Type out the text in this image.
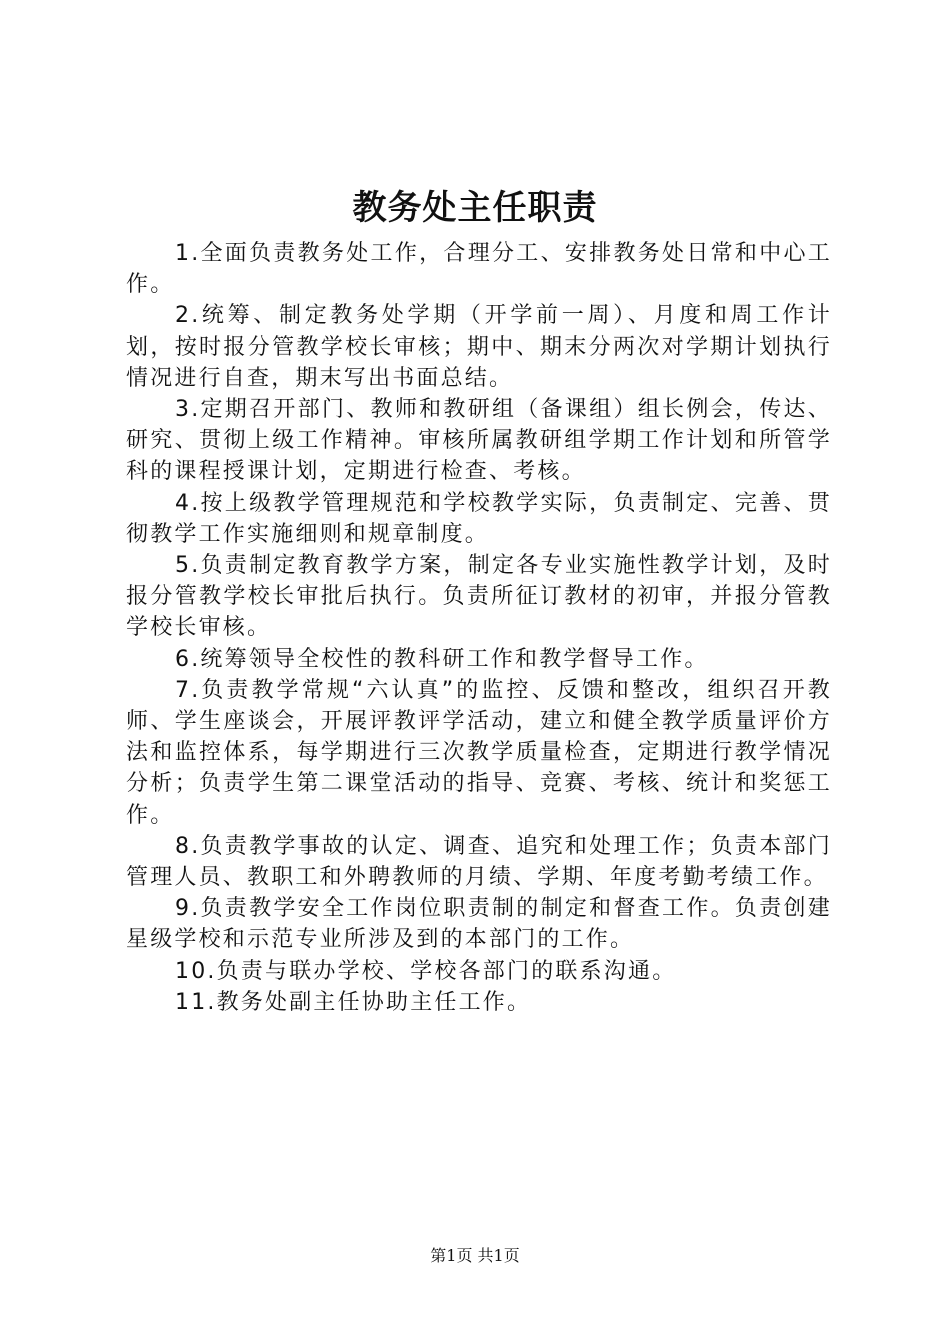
教务处主任职责

1.全面负责教务处工作，合理分工、安排教务处日常和中心工作。

2.统筹、制定教务处学期（开学前一周）、月度和周工作计划，按时报分管教学校长审核；期中、期末分两次对学期计划执行情况进行自查，期末写出书面总结。

3.定期召开部门、教师和教研组（备课组）组长例会，传达、研究、贯彻上级工作精神。审核所属教研组学期工作计划和所管学科的课程授课计划，定期进行检查、考核。

4.按上级教学管理规范和学校教学实际，负责制定、完善、贯彻教学工作实施细则和规章制度。

5.负责制定教育教学方案，制定各专业实施性教学计划，及时报分管教学校长审批后执行。负责所征订教材的初审，并报分管教学校长审核。

6.统筹领导全校性的教科研工作和教学督导工作。

7.负责教学常规“六认真”的监控、反馈和整改，组织召开教师、学生座谈会，开展评教评学活动，建立和健全教学质量评价方法和监控体系，每学期进行三次教学质量检查，定期进行教学情况分析；负责学生第二课堂活动的指导、竞赛、考核、统计和奖惩工作。

8.负责教学事故的认定、调查、追究和处理工作；负责本部门管理人员、教职工和外聘教师的月绩、学期、年度考勤考绩工作。

9.负责教学安全工作岗位职责制的制定和督查工作。负责创建星级学校和示范专业所涉及到的本部门的工作。

10.负责与联办学校、学校各部门的联系沟通。

11.教务处副主任协助主任工作。

第1页 共1页
